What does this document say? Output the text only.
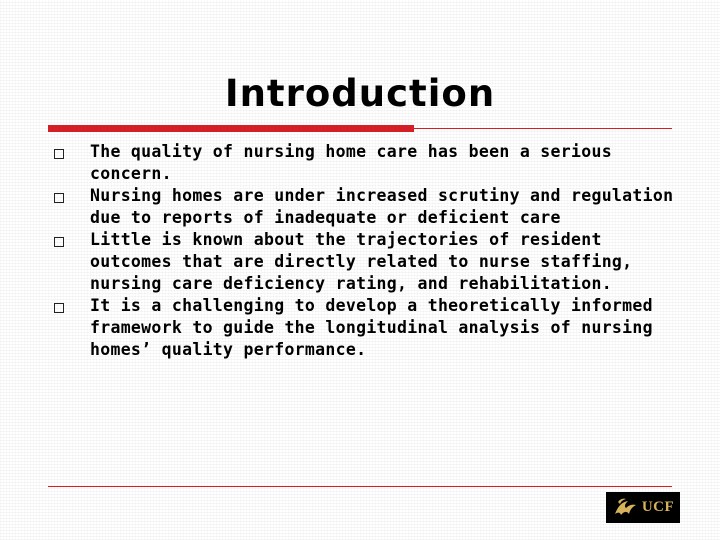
Introduction
The quality of nursing home care has been a serious concern.
Nursing homes are under increased scrutiny and regulation due to reports of inadequate or deficient care
Little is known about the trajectories of resident outcomes that are directly related to nurse staffing, nursing care deficiency rating, and rehabilitation.
It is a challenging to develop a theoretically informed framework to guide the longitudinal analysis of nursing homes’ quality performance.
UCF
